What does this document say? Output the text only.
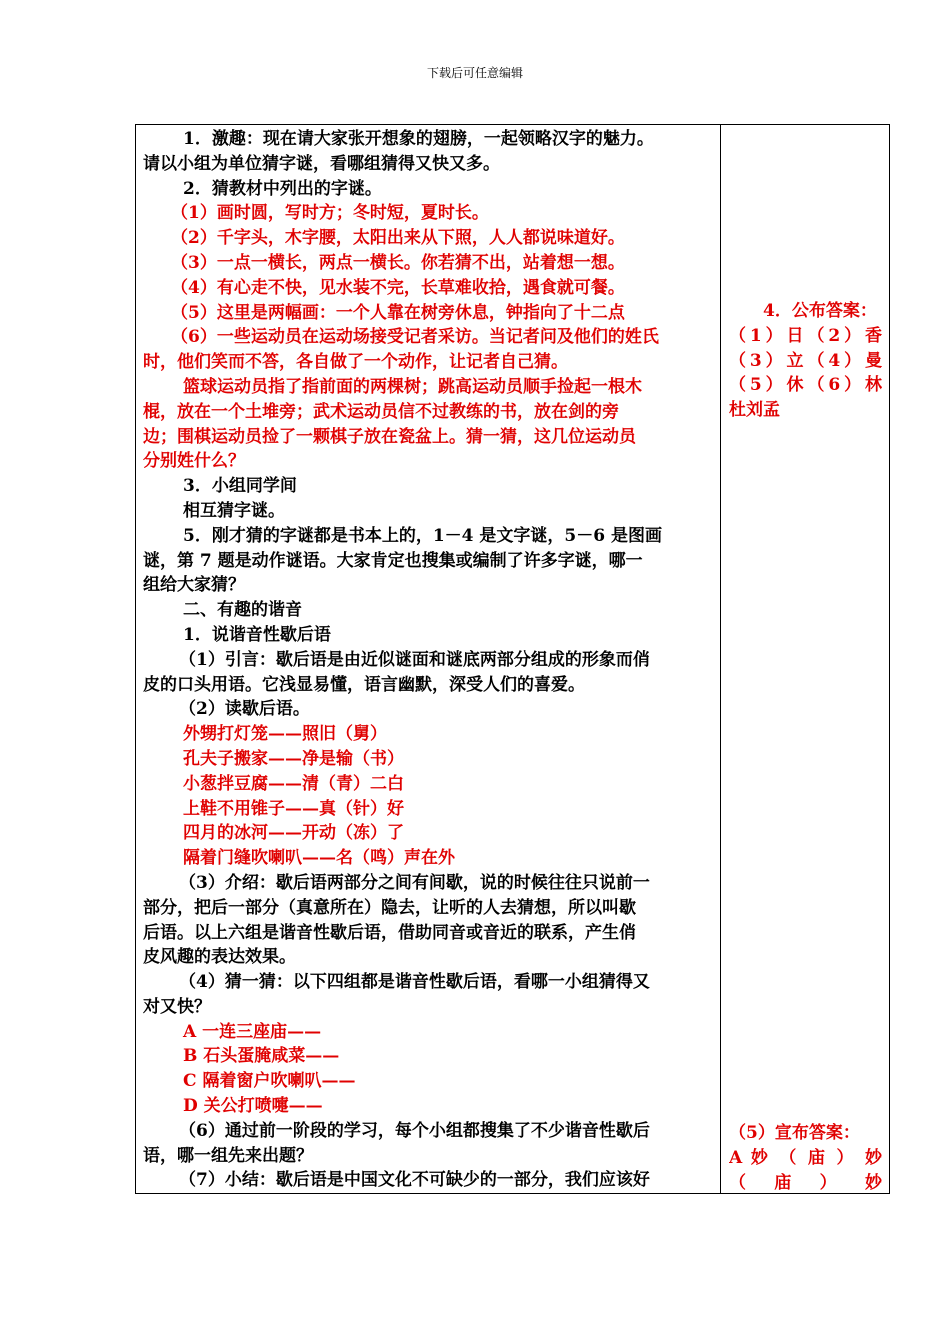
下载后可任意编辑
1．激趣：现在请大家张开想象的翅膀，一起领略汉字的魅力。
请以小组为单位猜字谜，看哪组猜得又快又多。
2．猜教材中列出的字谜。
（1）画时圆，写时方；冬时短，夏时长。
（2）千字头，木字腰，太阳出来从下照，人人都说味道好。
（3）一点一横长，两点一横长。你若猜不出，站着想一想。
（4）有心走不快，见水装不完，长草难收拾，遇食就可餐。
（5）这里是两幅画：一个人靠在树旁休息，钟指向了十二点
（6）一些运动员在运动场接受记者采访。当记者问及他们的姓氏
时，他们笑而不答，各自做了一个动作，让记者自己猜。
篮球运动员指了指前面的两棵树；跳高运动员顺手捡起一根木
棍，放在一个土堆旁；武术运动员信不过教练的书，放在剑的旁
边；围棋运动员捡了一颗棋子放在瓷盆上。猜一猜，这几位运动员
分别姓什么？
3．小组同学间
相互猜字谜。
5．刚才猜的字谜都是书本上的，1－4 是文字谜，5－6 是图画
谜，第 7 题是动作谜语。大家肯定也搜集或编制了许多字谜，哪一
组给大家猜？
二、有趣的谐音
1．说谐音性歇后语
（1）引言：歇后语是由近似谜面和谜底两部分组成的形象而俏
皮的口头用语。它浅显易懂，语言幽默，深受人们的喜爱。
（2）读歇后语。
外甥打灯笼——照旧（舅）
孔夫子搬家——净是输（书）
小葱拌豆腐——清（青）二白
上鞋不用锥子——真（针）好
四月的冰河——开动（冻）了
隔着门缝吹喇叭——名（鸣）声在外
（3）介绍：歇后语两部分之间有间歇，说的时候往往只说前一
部分，把后一部分（真意所在）隐去，让听的人去猜想，所以叫歇
后语。以上六组是谐音性歇后语，借助同音或音近的联系，产生俏
皮风趣的表达效果。
（4）猜一猜：以下四组都是谐音性歇后语，看哪一小组猜得又
对又快？
A 一连三座庙——
B 石头蛋腌咸菜——
C 隔着窗户吹喇叭——
D 关公打喷嚏——
（6）通过前一阶段的学习，每个小组都搜集了不少谐音性歇后
语，哪一组先来出题？
（7）小结：歇后语是中国文化不可缺少的一部分，我们应该好
4．公布答案：
（1）日（2）香
（3）立（4）曼
（5）休（6）林
杜刘孟
（5）宣布答案：
A 妙 （ 庙 ） 妙
（ 庙 ） 妙
